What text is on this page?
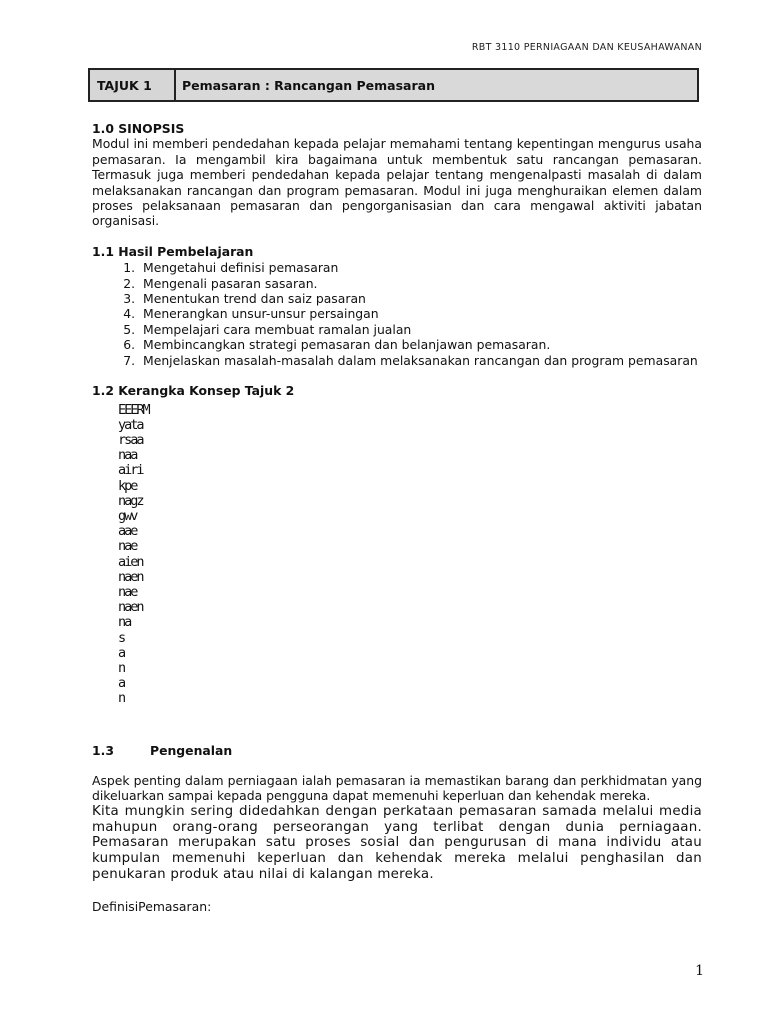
RBT 3110 PERNIAGAAN DAN KEUSAHAWANAN
TAJUK 1	Pemasaran : Rancangan Pemasaran
1.0 SINOPSIS

Modul ini memberi pendedahan kepada pelajar memahami tentang kepentingan mengurus usaha pemasaran. Ia mengambil kira bagaimana untuk membentuk satu rancangan pemasaran. Termasuk juga memberi pendedahan kepada pelajar tentang mengenalpasti masalah di dalam melaksanakan rancangan dan program pemasaran. Modul ini juga menghuraikan elemen dalam proses pelaksanaan pemasaran dan pengorganisasian dan cara mengawal aktiviti jabatan organisasi.

1.1 Hasil Pembelajaran
1. Mengetahui definisi pemasaran
2. Mengenali pasaran sasaran.
3. Menentukan trend dan saiz pasaran
4. Menerangkan unsur-unsur persaingan
5. Mempelajari cara membuat ramalan jualan
6. Membincangkan strategi pemasaran dan belanjawan pemasaran.
7. Menjelaskan masalah-masalah dalam melaksanakan rancangan dan program pemasaran
1.2 Kerangka Konsep Tajuk 2
EEERM
yata
rsaa
naa
airi
kpe
nagz
gwv
aae
nae
aien
naen
nae
naen
na
s
a
n
a
n
1.3	Pengenalan

Aspek penting dalam perniagaan ialah pemasaran ia memastikan barang dan perkhidmatan yang dikeluarkan sampai kepada pengguna dapat memenuhi keperluan dan kehendak mereka.

Kita mungkin sering didedahkan dengan perkataan pemasaran samada melalui media mahupun orang-orang perseorangan yang terlibat dengan dunia perniagaan. Pemasaran merupakan satu proses sosial dan pengurusan di mana individu atau kumpulan memenuhi keperluan dan kehendak mereka melalui penghasilan dan penukaran produk atau nilai di kalangan mereka.

DefinisiPemasaran:
1
